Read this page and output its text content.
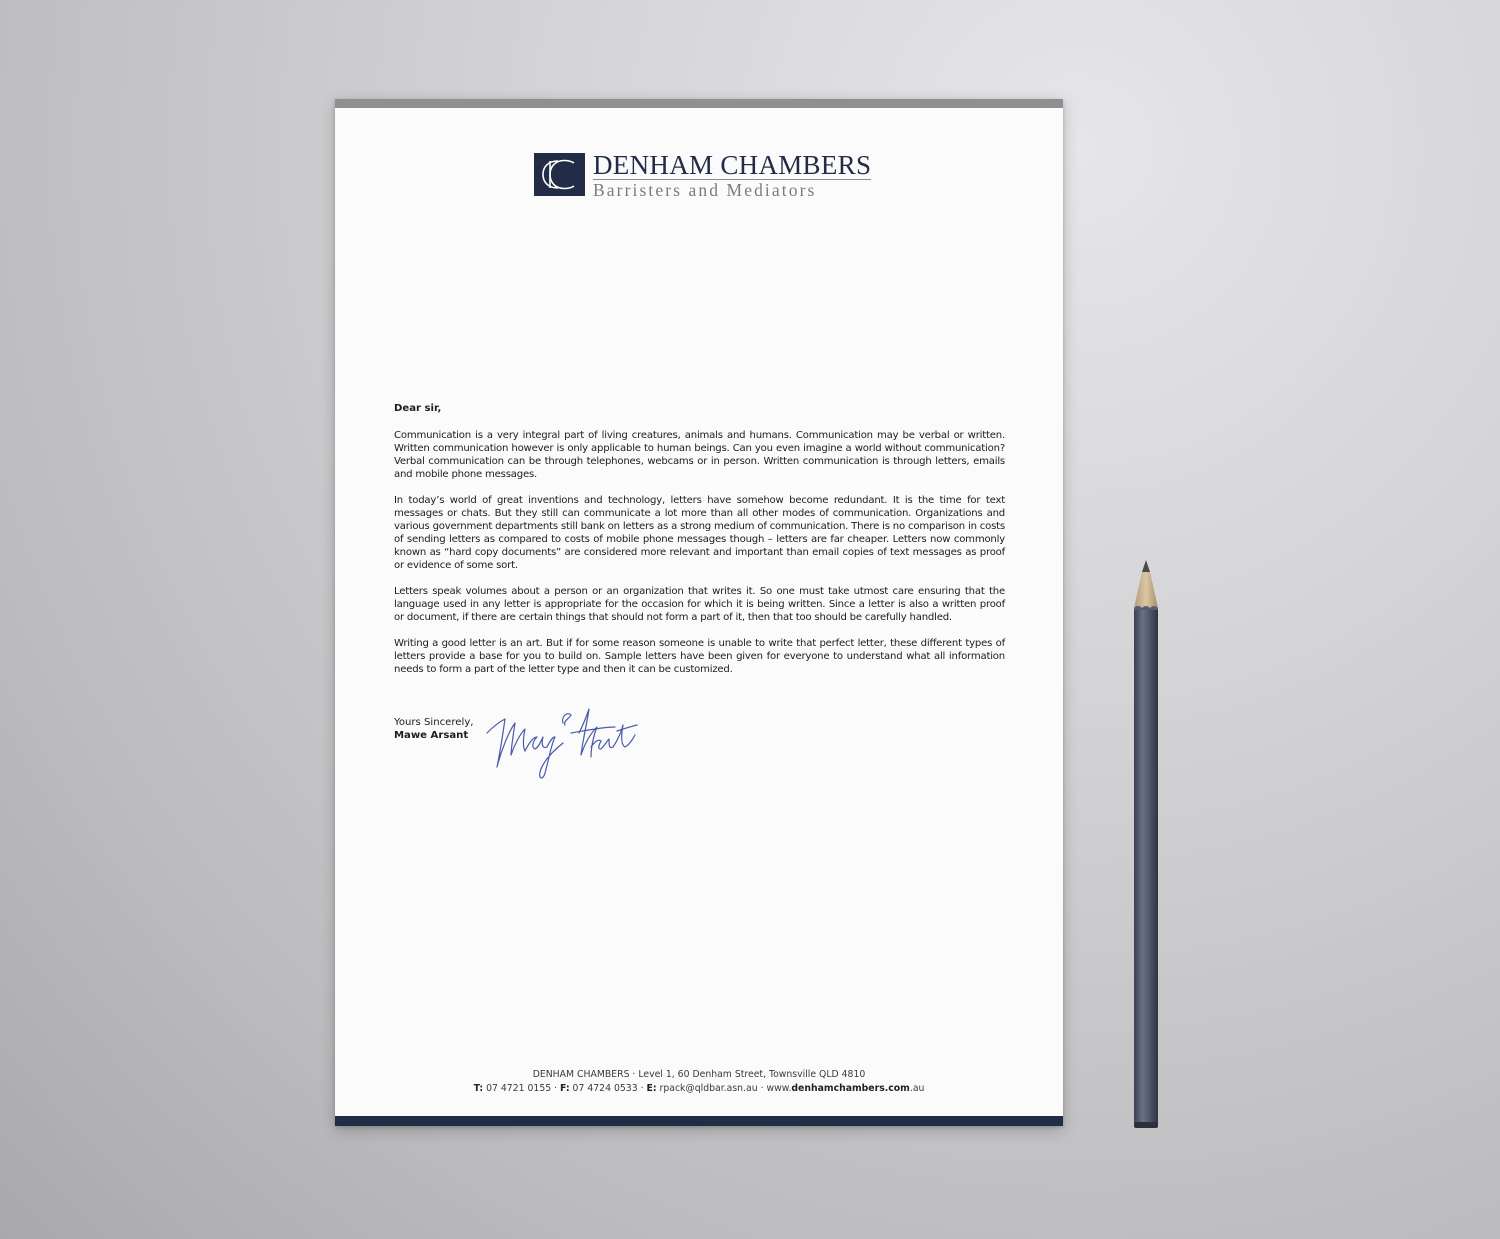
DENHAM CHAMBERS
Barristers and Mediators

Dear sir,

Communication is a very integral part of living creatures, animals and humans. Communication may be verbal or written. Written communication however is only applicable to human beings. Can you even imagine a world without communication? Verbal communication can be through telephones, webcams or in person. Written communication is through letters, emails and mobile phone messages.

In today’s world of great inventions and technology, letters have somehow become redundant. It is the time for text messages or chats. But they still can communicate a lot more than all other modes of communication. Organizations and various government departments still bank on letters as a strong medium of communication. There is no comparison in costs of sending letters as compared to costs of mobile phone messages though – letters are far cheaper. Letters now commonly known as “hard copy documents” are considered more relevant and important than email copies of text messages as proof or evidence of some sort.

Letters speak volumes about a person or an organization that writes it. So one must take utmost care ensuring that the language used in any letter is appropriate for the occasion for which it is being written. Since a letter is also a written proof or document, if there are certain things that should not form a part of it, then that too should be carefully handled.

Writing a good letter is an art. But if for some reason someone is unable to write that perfect letter, these different types of letters provide a base for you to build on. Sample letters have been given for everyone to understand what all information needs to form a part of the letter type and then it can be customized.

Yours Sincerely,
Mawe Arsant
DENHAM CHAMBERS · Level 1, 60 Denham Street, Townsville QLD 4810
T: 07 4721 0155 · F: 07 4724 0533 · E: rpack@qldbar.asn.au · www.denhamchambers.com.au
